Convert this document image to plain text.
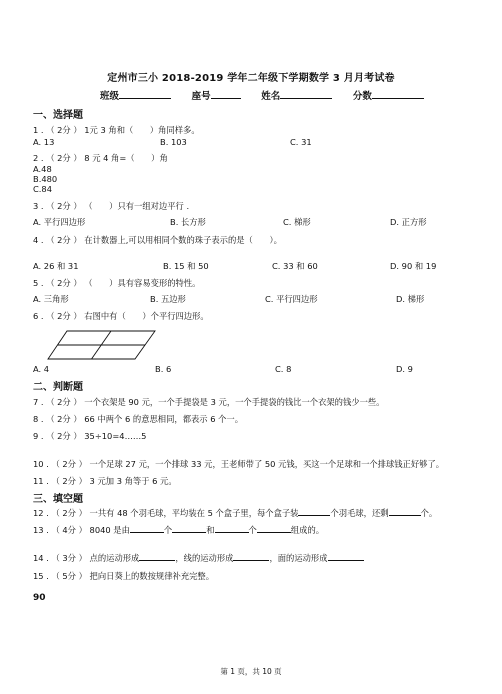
定州市三小 2018-2019 学年二年级下学期数学 3 月月考试卷
班级	座号	姓名	分数
一、选择题
1 . （ 2分 ） 1元 3 角和（　　）角同样多。
A. 13	B. 103	C. 31
2 . （ 2分 ） 8 元 4 角=（　　）角
A.48
B.480
C.84
3 . （ 2分 ） （　　）只有一组对边平行 .
A. 平行四边形	B. 长方形	C. 梯形	D. 正方形
4 . （ 2分 ） 在计数器上,可以用相同个数的珠子表示的是（　　）。
A. 26 和 31	B. 15 和 50	C. 33 和 60	D. 90 和 19
5 . （ 2分 ） （　　）具有容易变形的特性。
A. 三角形	B. 五边形	C. 平行四边形	D. 梯形
6 . （ 2分 ） 右图中有（　　）个平行四边形。
A. 4	B. 6	C. 8	D. 9
二、判断题
7 . （ 2分 ） 一个衣架是 90 元，一个手提袋是 3 元，一个手提袋的钱比一个衣架的钱少一些。
8 . （ 2分 ） 66 中两个 6 的意思相同，都表示 6 个一。
9 . （ 2分 ） 35÷10=4……5
10 . （ 2分 ） 一个足球 27 元，一个排球 33 元，王老师带了 50 元钱，买这一个足球和一个排球钱正好够了。
11 . （ 2分 ） 3 元加 3 角等于 6 元。
三、填空题
12 . （ 2分 ） 一共有 48 个羽毛球，平均装在 5 个盒子里，每个盒子装	个羽毛球，还剩	个。
13 . （ 4分 ） 8040 是由	个	和	个	组成的。
14 . （ 3分 ） 点的运动形成	，线的运动形成	，面的运动形成
15 . （ 5分 ） 把向日葵上的数按规律补充完整。
90
第 1 页，共 10 页
